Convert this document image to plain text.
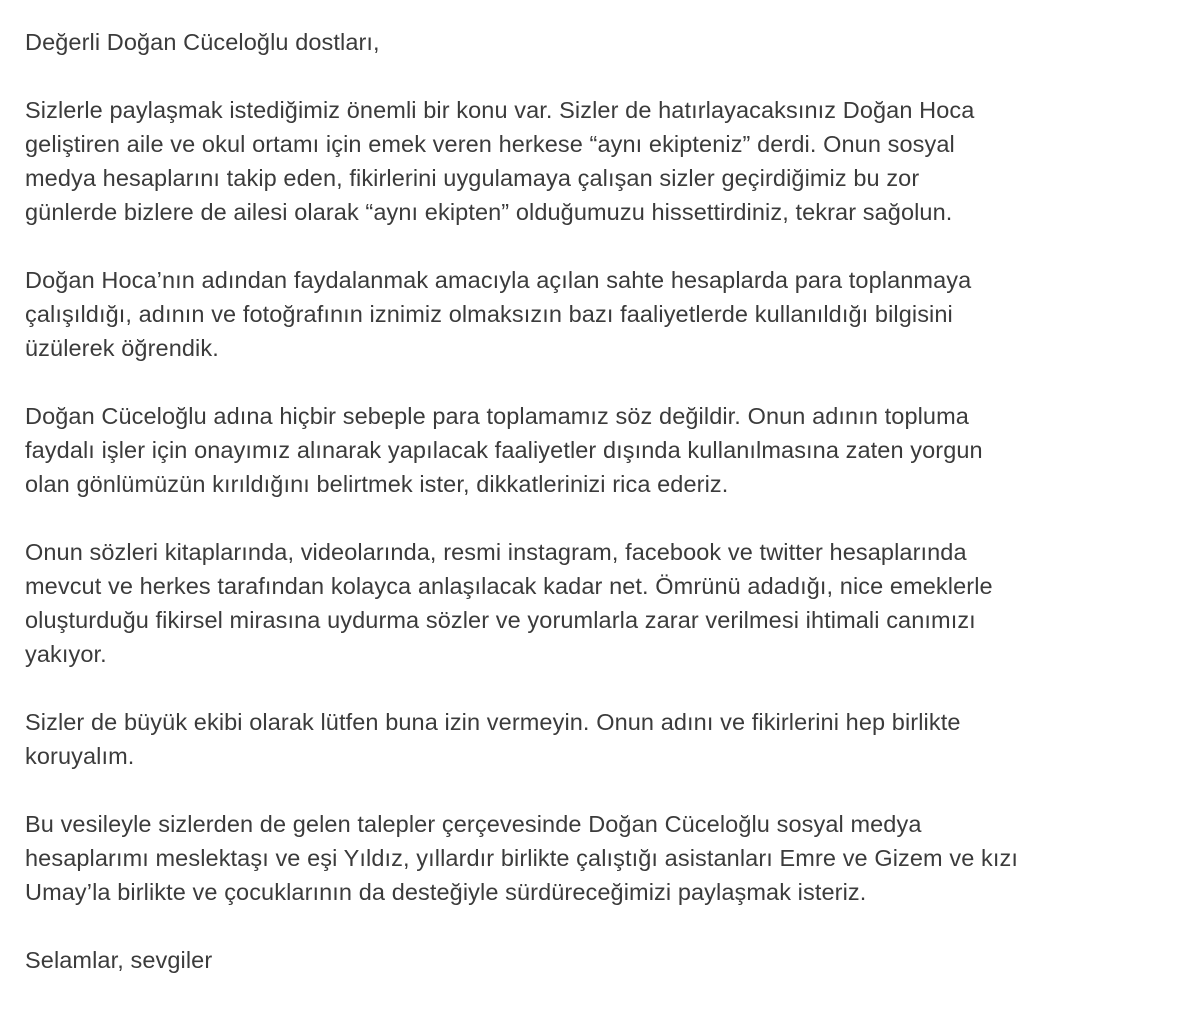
Değerli Doğan Cüceloğlu dostları,

Sizlerle paylaşmak istediğimiz önemli bir konu var. Sizler de hatırlayacaksınız Doğan Hoca
geliştiren aile ve okul ortamı için emek veren herkese “aynı ekipteniz” derdi. Onun sosyal
medya hesaplarını takip eden, fikirlerini uygulamaya çalışan sizler geçirdiğimiz bu zor
günlerde bizlere de ailesi olarak “aynı ekipten” olduğumuzu hissettirdiniz, tekrar sağolun.

Doğan Hoca’nın adından faydalanmak amacıyla açılan sahte hesaplarda para toplanmaya
çalışıldığı, adının ve fotoğrafının iznimiz olmaksızın bazı faaliyetlerde kullanıldığı bilgisini
üzülerek öğrendik.

Doğan Cüceloğlu adına hiçbir sebeple para toplamamız söz değildir. Onun adının topluma
faydalı işler için onayımız alınarak yapılacak faaliyetler dışında kullanılmasına zaten yorgun
olan gönlümüzün kırıldığını belirtmek ister, dikkatlerinizi rica ederiz.

Onun sözleri kitaplarında, videolarında, resmi instagram, facebook ve twitter hesaplarında
mevcut ve herkes tarafından kolayca anlaşılacak kadar net. Ömrünü adadığı, nice emeklerle
oluşturduğu fikirsel mirasına uydurma sözler ve yorumlarla zarar verilmesi ihtimali canımızı
yakıyor.

Sizler de büyük ekibi olarak lütfen buna izin vermeyin. Onun adını ve fikirlerini hep birlikte
koruyalım.

Bu vesileyle sizlerden de gelen talepler çerçevesinde Doğan Cüceloğlu sosyal medya
hesaplarımı meslektaşı ve eşi Yıldız, yıllardır birlikte çalıştığı asistanları Emre ve Gizem ve kızı
Umay’la birlikte ve çocuklarının da desteğiyle sürdüreceğimizi paylaşmak isteriz.

Selamlar, sevgiler
